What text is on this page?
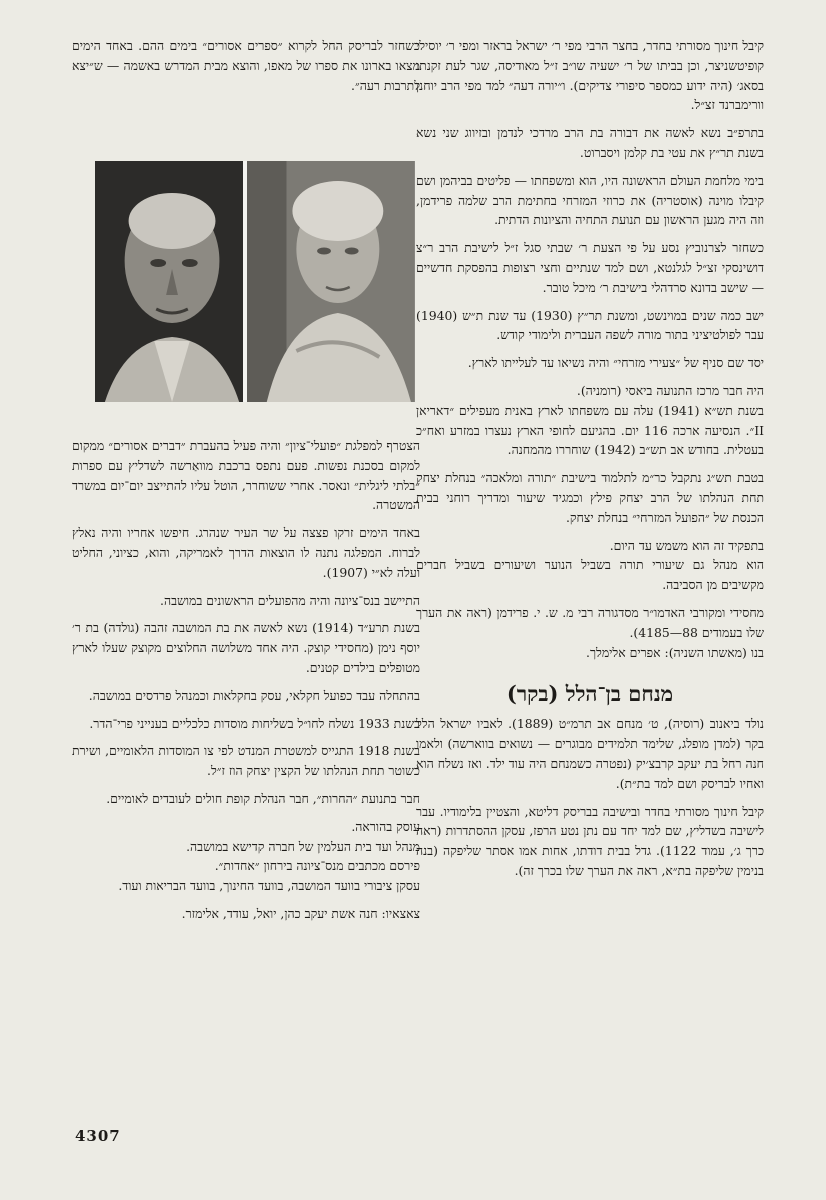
קיבל חינוך מסורתי בחדר, בחצר הרבי מפי ר׳ ישראל בראזר ומפי ר׳ יוסילי קופיטשניצר, וכן בביתו של ר׳ ישעיה שו״ב ז״ל מאודיסה, שגר לעת זקנתו בסאג׳ (היה ידוע כמספר סיפורי צדיקים). ו״יורה דעה״ למד מפי הרב יוחנן וורימברנד זצ״ל.

בתרפ״ב נשא לאשה את דבורה בת הרב מרדכי לנדמן ובזיווג שני נשא בשנת תר״ץ את עטי בת קלמן ויסברוט.

בימי מלחמת העולם הראשונה היו, הוא ומשפחתו — פליטים בביהמן ושם קיבלו מוינה (אוסטריה) את כרוזי המזרחי בחתימת הרב שלמה פרידמן, וזה היה מגען הראשון עם תנועת התחיה והציונות הדתית.

כשחזר לצרנוביץ נסע על פי הצעת ר׳ שבתי סגל ז״ל לישיבת הרב ר״צ דושינסקי זצ״ל לגלנטא, ושם למד שנתיים וחצי רצופות בהפסקת חדשיים — שישב בדונא סרדהלי בישיבת ר׳ מיכל טובר.

ישב כמה שנים במוינשט, ומשנת תר״ץ (1930) עד שנת ת״ש (1940) עבר לפולטיציני בתור מורה לשפה העברית ולימודי קודש.

יסד שם סניף של ״צעירי מזרחי״ והיה נשיאו עד לעלייתו לארץ.

היה חבר מרכז התנועה ביאסי (רומניה).

בשנת תש״א (1941) עלה עם משפחתו לארץ באנית מעפילים ״דאריאן II״. הנסיעה ארכה 116 יום. בהגיעם לחופי הארץ נעצרו במזרע ואח״כ בעטלית. בחודש אב תש״ב (1942) שוחררו מהמחנה.

בטבת תש״ג נתקבל כר״מ לתלמוד בישיבת ״תורה ומלאכה״ בנחלת יצחק תחת הנהלתו של הרב יצחק פילץ וכמגיד שיעור ומדריך רוחני בבית הכנסת של ״הפועל המזרחי״ בנחלת יצחק.

בתפקיד זה הוא משמש עד היום.

הוא מנהל גם שיעורי תורה בשביל הנוער ושיעורים בשביל חברים מקשיבים מן הסביבה.

מחסידי ומקורבי האדמו״ר מסדגורה רבי מ. ש. י. פרידמן (ראה את הערך שלו בעמודים 88—4185).

בנו (מאשתו השניה): אפרים אלימלך.

מנחם בן־הלל (בקר)

נולד ביאנוב (רוסיה), ט׳ מנחם אב תרמ״ט (1889). לאביו ישראל הלל בקר (למדן מופלג, שלימד תלמידים מבוגרים — נשואים בווארשה) ולאמו חנה רחל בת יעקב קרבצ׳יק (נפטרה כשמנחם היה עוד ילד. ואז נשלח הוא ואחיו לבריסק ושם למד בת״ת).

קיבל חינוך מסורתי בחדר ובישיבה בבריסק דליטא, והצטיין בלימודיו. עבר לישיבה בשדליץ, שם למד יחד עם נתן נטע הרפז, עסקן ההסתדרות (ראה כרך ג׳, עמוד 1122). גדל בבית דודתו, אחות אמו אסתר שליפקה (בנה בנימין שליפקה בת״א, ראה את הערך שלו בכרך זה).

כשחזר לבריסק החל לקרוא ״ספרים אסורים״ בימים ההם. באחד הימים מצאו בארונו את ספרו של מאפו, והוצא מבית המדרש באשמה — ש״יצא לתרבות רעה״.

הצטרף למפלגת ״פועלי־ציון״ והיה פעיל בהעברת ״דברים אסורים״ ממקום למקום בסכנת נפשות. פעם נתפס ברכבת מוואַרשה לשדליץ עם ספרות ״בלתי ליגלית״ ונאסר. אחרי ששוחרר, הוטל עליו להתייצב יום־יום במשרד המשטרה.

באחד הימים זרקו פצצה על שר העיר שנהרג. חיפשו אחריו והיה נאלץ לברוח. המפלגה נתנה לו הוצאות הדרך לאמריקה, והוא, כציוני, החליט ועלה לא״י (1907).

התיישב בנס־ציונה והיה מהפועלים הראשונים במושבה.

בשנת תרע״ד (1914) נשא לאשה את בת המושבה זהבה (גולדה) בת ר׳ יוסף נימן (מחסידי קוצק. היה אחד משלושה החלוצים מקוצק שעלו לארץ מטופלים בילדים קטנים.

בהתחלה עבד כפועל חקלאי, עסק בחקלאות וכמנהל פרדסים במושבה.

בשנת 1933 נשלח לחו״ל בשליחות מוסדות כלכליים בענייני פרי־הדר.

בשנת 1918 התגייס למשטרת המנדט לפי צו המוסדות הלאומיים, ושירת כשוטר תחת הנהלתו של הקצין יצחק הוז ז״ל.

חבר בתנועת ״החרות״, חבר הנהלת קופת חולים לעובדים לאומיים.

עוסק בהוראה.

מנהל ועד בית העלמין של חברה קדישא במושבה.

פירסם מכתבים מנס־ציונה בירחון ״אחדות״.

עסקן ציבורי בוועד המושבה, בוועד החינוך, בוועד הבריאות ועוד.

צאצאיו: חנה אשת יעקב כהן, יואל, עודד, אלימזר.

4307
